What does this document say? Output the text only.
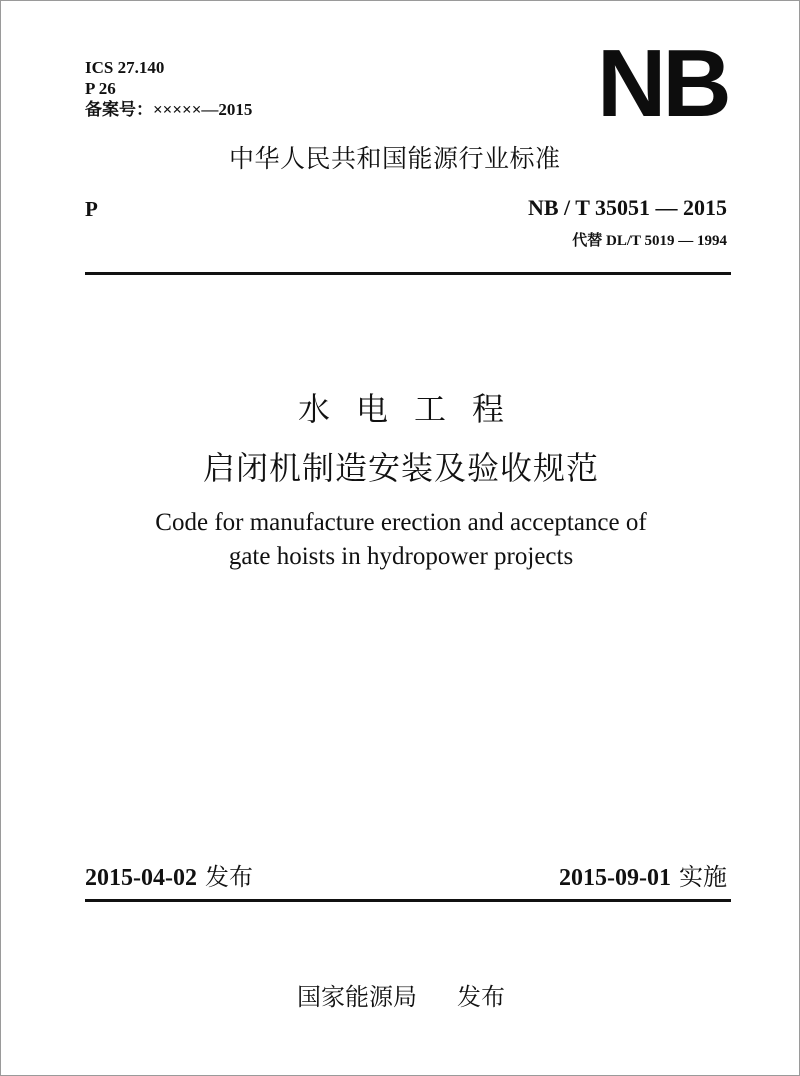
ICS 27.140
P 26
备案号：×××××—2015	NB
中华人民共和国能源行业标准
P	NB / T 35051 — 2015
代替 DL/T 5019 — 1994
水电工程
启闭机制造安装及验收规范
Code for manufacture erection and acceptance of
gate hoists in hydropower projects
2015-04-02 发布	2015-09-01 实施
国家能源局 发布
